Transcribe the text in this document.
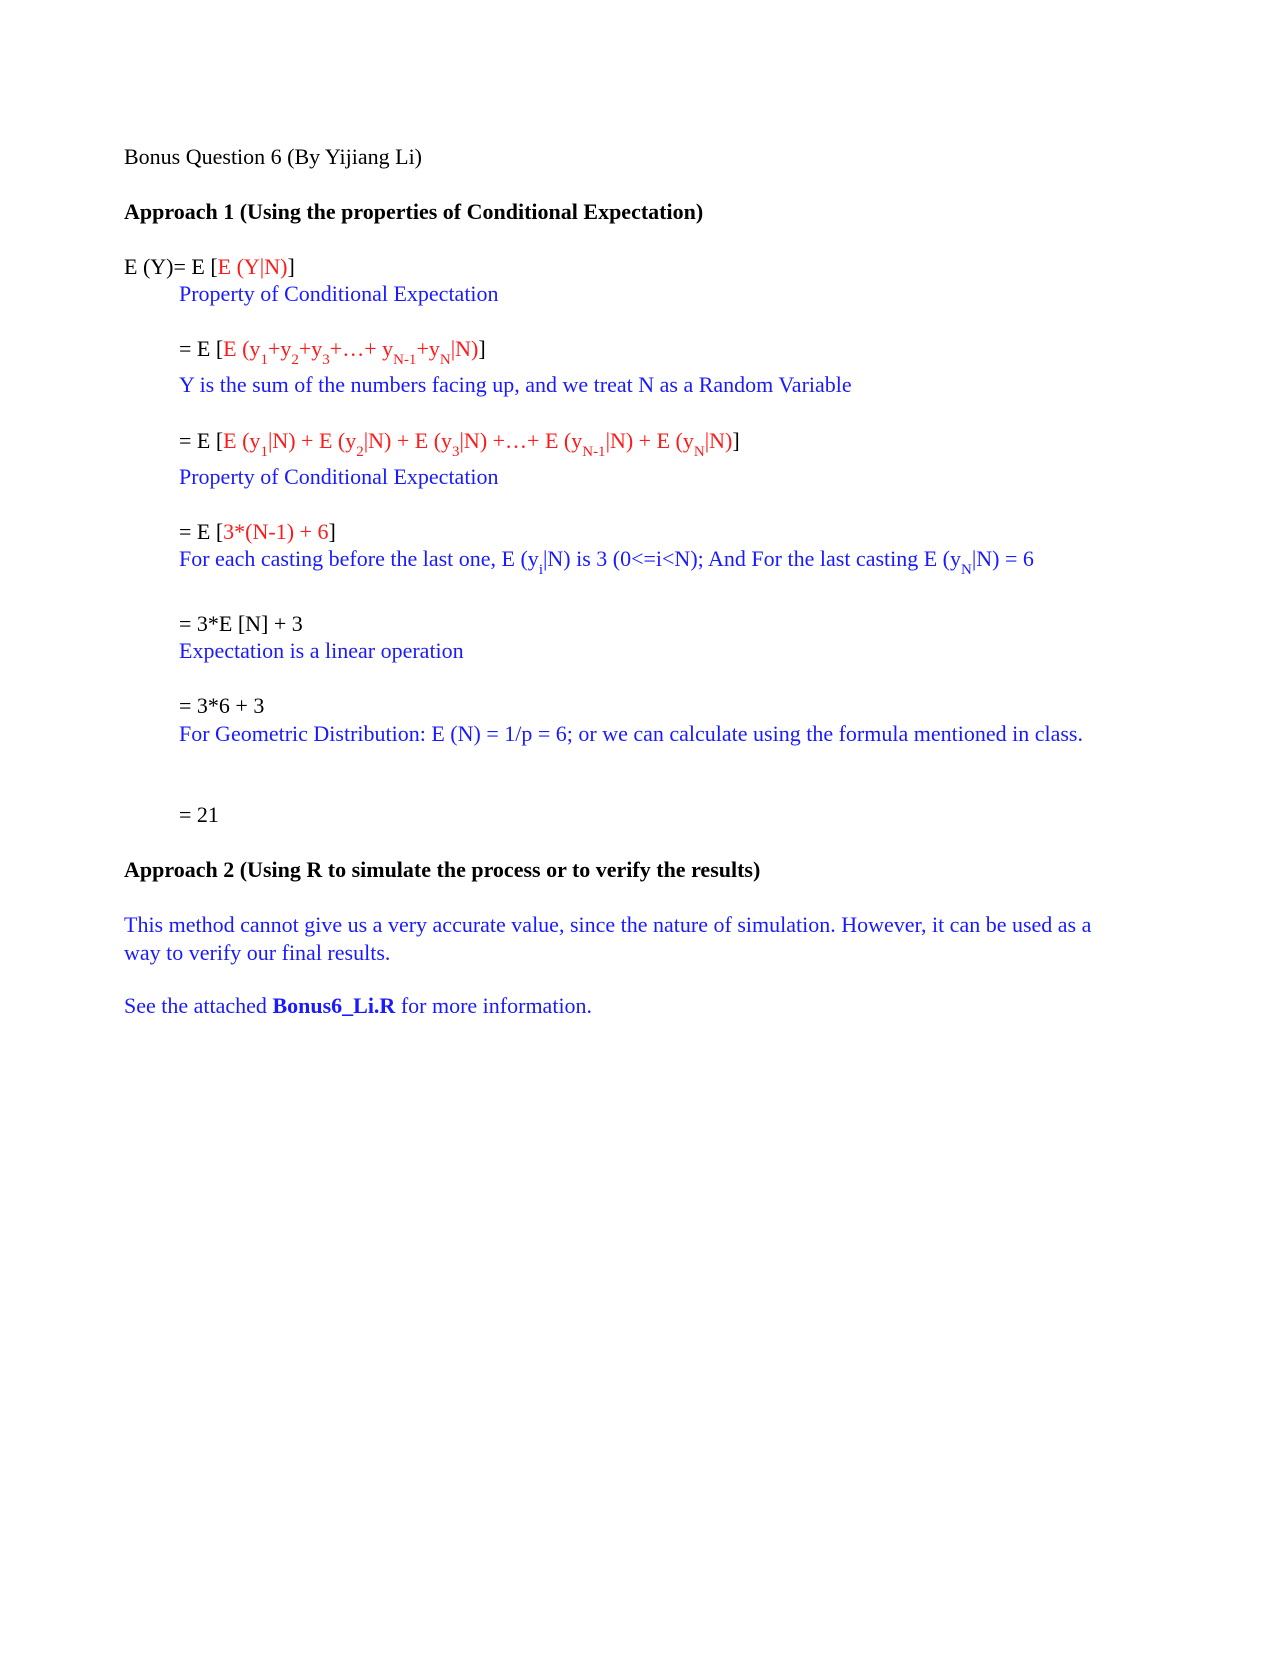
Bonus Question 6 (By Yijiang Li)
Approach 1 (Using the properties of Conditional Expectation)
E (Y)= E [E (Y|N)]
Property of Conditional Expectation
= E [E $(y_1+y_2+y_3+\dots+ y_{N-1}+y_N|N)$]
Y is the sum of the numbers facing up, and we treat N as a Random Variable
= E [E $(y_1|N) + E$ $(y_2|N) + E$ $(y_3|N)$ +…+ E $(y_{N-1}|N) + E$ $(y_N|N)$]
Property of Conditional Expectation
= E [3*(N-1) + 6]
For each casting before the last one, E $(y_i|N)$ is 3 (0<=i<N); And For the last casting E $(y_N|N) = 6$
= 3*E [N] + 3
Expectation is a linear operation
= 3*6 + 3
For Geometric Distribution: E (N) = 1/p = 6; or we can calculate using the formula mentioned in class.
= 21
Approach 2 (Using R to simulate the process or to verify the results)
This method cannot give us a very accurate value, since the nature of simulation. However, it can be used as a way to verify our final results.
See the attached Bonus6_Li.R for more information.
